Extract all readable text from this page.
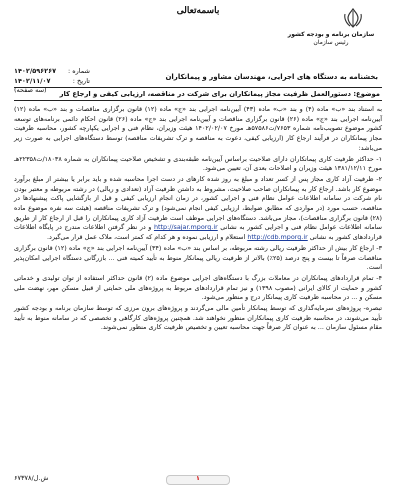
باسمه‌تعالی
سازمان برنامه و بودجه کشور
رئیس سازمان
شماره :
۱۴۰۲/۵۹۶۲۶۷
تاریخ :
۱۴۰۲/۱۱/۰۷
(سه صفحه)
بخشنامه به دستگاه های اجرایی، مهندسان مشاور و پیمانکاران
موضوع: دستورالعمل ظرفیت مجاز پیمانکاران برای شرکت در مناقصه، ارزیابی کیفی و ارجاع کار

به استناد بند «ب» ماده (۴) و بند «ب» ماده (۴۳) آیین‌نامه اجرایی بند «ج» ماده (۱۲) قانون برگزاری مناقصات و بند «ب» ماده (۱۲) آیین‌نامه اجرایی بند «ج» ماده (۲۶) قانون برگزاری مناقصات و آیین‌نامه اجرایی بند «ج» ماده (۲۶) قانون احکام دائمی برنامه‌های توسعه کشور موضوع تصویب‌نامه شماره ۷۶۵۳/ت۵۷۵۸۶هـ مورخ ۱۴۰۲/۰۲/۰۷ هیئت وزیران، نظام فنی و اجرایی یکپارچه کشور، محاسبه ظرفیت مجاز پیمانکاران در فرآیند ارجاع کار (ارزیابی کیفی، دعوت به مناقصه و ترک تشریفات مناقصه) توسط دستگاه‌های اجرایی به صورت زیر می‌باشد:

۱- حداکثر ظرفیت کاری پیمانکاران دارای صلاحیت براساس آیین‌نامه طبقه‌بندی و تشخیص صلاحیت پیمانکاران به شماره ۱۸۰۳۸/ت۲۲۳۵۸هـ مورخ ۱۳۸۱/۱۲/۱۱ هیئت وزیران و اصلاحات بعدی آن، تعیین می‌شود.

۲- ظرفیت آزاد کاری مجاز پس از کسر تعداد و مبلغ به روز شده کارهای در دست اجرا محاسبه شده و باید برابر یا بیشتر از مبلغ برآورد موضوع کار باشد. ارجاع کار به پیمانکاران صاحب صلاحیت، مشروط به داشتن ظرفیت آزاد (تعدادی و ریالی) در رشته مربوطه و معتبر بودن نام شرکت در سامانه اطلاعات عوامل نظام فنی و اجرایی کشور، در زمان انجام ارزیابی کیفی و قبل از بازگشایی پاکت پیشنهادها در مناقصه، حسب مورد (در مواردی که مطابق ضوابط، ارزیابی کیفی انجام نمی‌شود) و ترک تشریفات مناقصه (هیئت سه نفره موضوع ماده (۲۸) قانون برگزاری مناقصات)، مجاز می‌باشد. دستگاه‌های اجرایی موظف است ظرفیت آزاد کاری پیمانکاران را قبل از ارجاع کار از طریق سامانه اطلاعات عوامل نظام فنی و اجرایی کشور به نشانی http://sajar.mporg.ir و در نظر گرفتن اطلاعات مندرج در پایگاه اطلاعات قراردادهای کشور به نشانی http://cdb.mporg.ir استعلام و ارزیابی نموده و هر کدام که کمتر است، ملاک عمل قرار می‌گیرد.

۳- ارجاع کار بیش از حداکثر ظرفیت ریالی رشته مربوطه، بر اساس بند «ب» ماده (۳۴) آیین‌نامه اجرایی بند «ج» ماده (۱۲) قانون برگزاری مناقصات صرفاً تا بیست و پنج درصد (۲۵٪) بالاتر از ظرفیت ریالی پیمانکار منوط به تأیید کمیته فنی ... بازرگانی دستگاه اجرایی امکان‌پذیر است.

۴- تمام قراردادهای پیمانکاران در معاملات بزرگ با دستگاه‌های اجرایی موضوع ماده (۲) قانون حداکثر استفاده از توان تولیدی و خدماتی کشور و حمایت از کالای ایرانی (مصوب ۱۳۹۸) و نیز تمام قراردادهای مربوط به پروژه‌های ملی حمایتی از قبیل مسکن مهر، نهضت ملی مسکن و ... در محاسبه ظرفیت کاری پیمانکار درج و منظور می‌شود.

تبصره- پروژه‌های سرمایه‌گذاری که توسط پیمانکار تأمین مالی می‌گردند و پروژه‌های برون مرزی که توسط سازمان برنامه و بودجه کشور تأیید می‌شوند، در محاسبه ظرفیت کاری پیمانکاران منظور نخواهند شد. همچنین پروژه‌های کارگاهی و تخصصی که در سامانه منوط به تأیید مقام مسئول سازمان ... به عنوان کار صرفاً جهت محاسبه تعیین و تخصیص ظرفیت کاری منظور نمی‌شوند.

ش.ل/۶۷۳۷۸	۱
